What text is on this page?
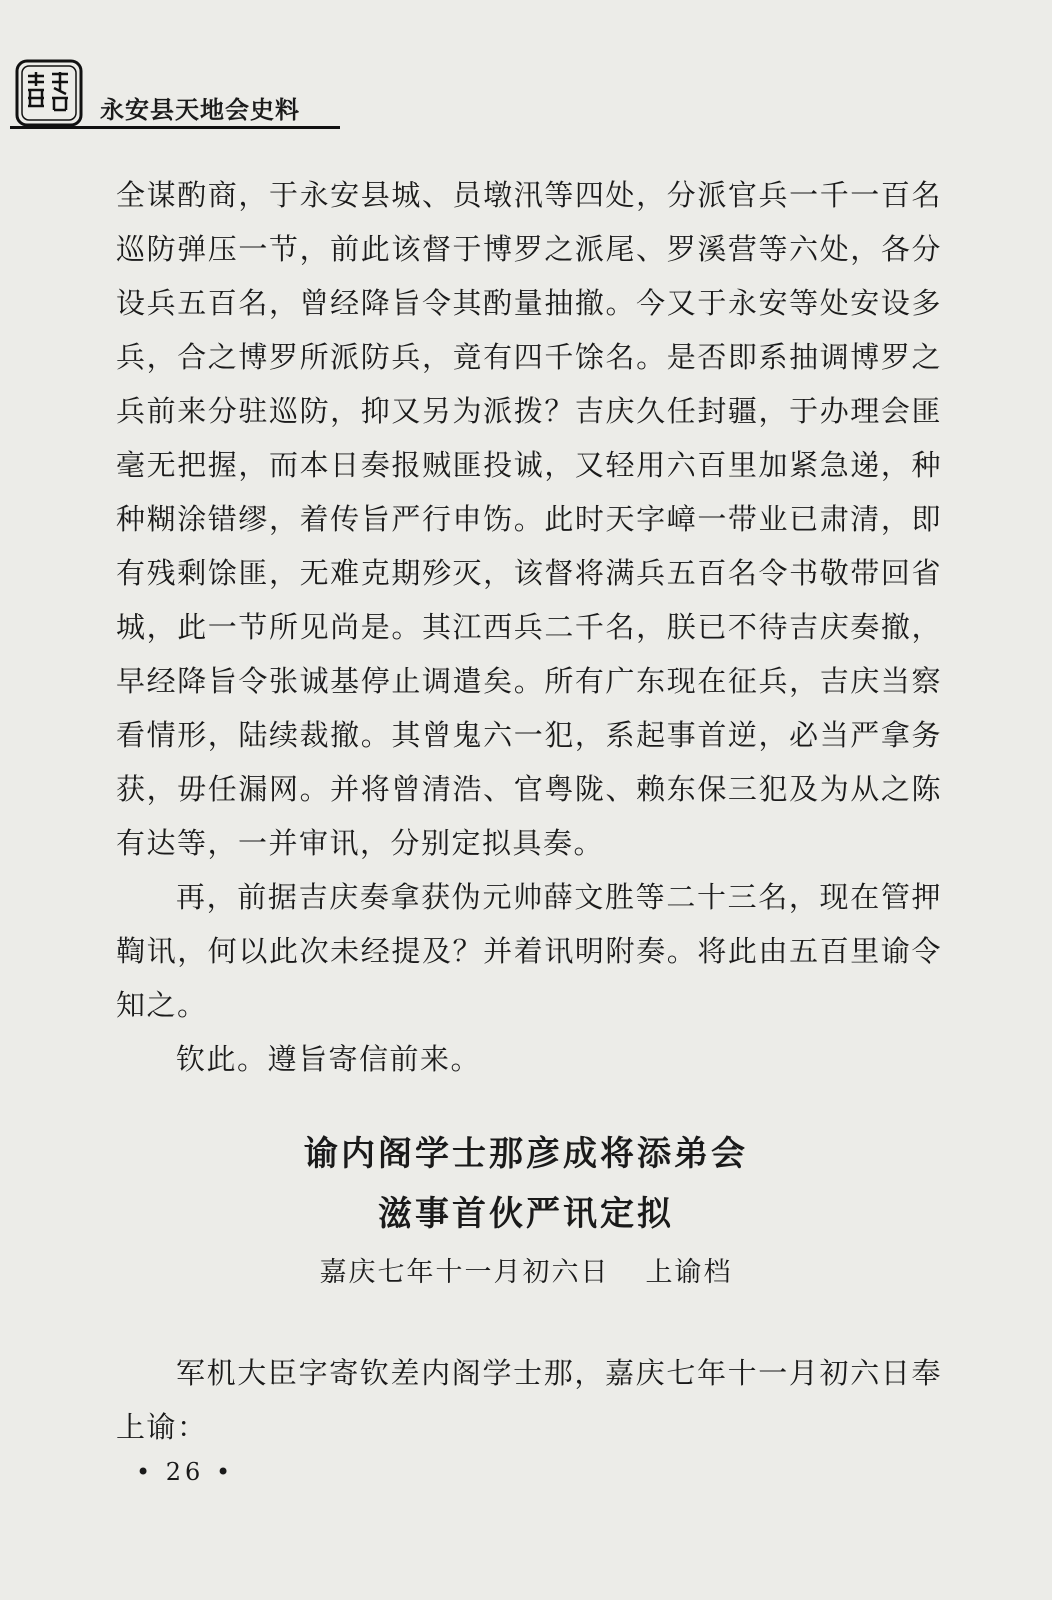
永安县天地会史料

全谋酌商，于永安县城、员墩汛等四处，分派官兵一千一百名巡防弹压一节，前此该督于博罗之派尾、罗溪营等六处，各分设兵五百名，曾经降旨令其酌量抽撤。今又于永安等处安设多兵，合之博罗所派防兵，竟有四千馀名。是否即系抽调博罗之兵前来分驻巡防，抑又另为派拨？吉庆久任封疆，于办理会匪毫无把握，而本日奏报贼匪投诚，又轻用六百里加紧急递，种种糊涂错缪，着传旨严行申饬。此时天字嶂一带业已肃清，即有残剩馀匪，无难克期殄灭，该督将满兵五百名令书敬带回省城，此一节所见尚是。其江西兵二千名，朕已不待吉庆奏撤，早经降旨令张诚基停止调遣矣。所有广东现在征兵，吉庆当察看情形，陆续裁撤。其曾鬼六一犯，系起事首逆，必当严拿务获，毋任漏网。并将曾清浩、官粤陇、赖东保三犯及为从之陈有达等，一并审讯，分别定拟具奏。

再，前据吉庆奏拿获伪元帅薛文胜等二十三名，现在管押鞫讯，何以此次未经提及？并着讯明附奏。将此由五百里谕令知之。

钦此。遵旨寄信前来。

谕内阁学士那彦成将添弟会
滋事首伙严讯定拟
嘉庆七年十一月初六日 上谕档

军机大臣字寄钦差内阁学士那，嘉庆七年十一月初六日奉上谕：

• 26 •
